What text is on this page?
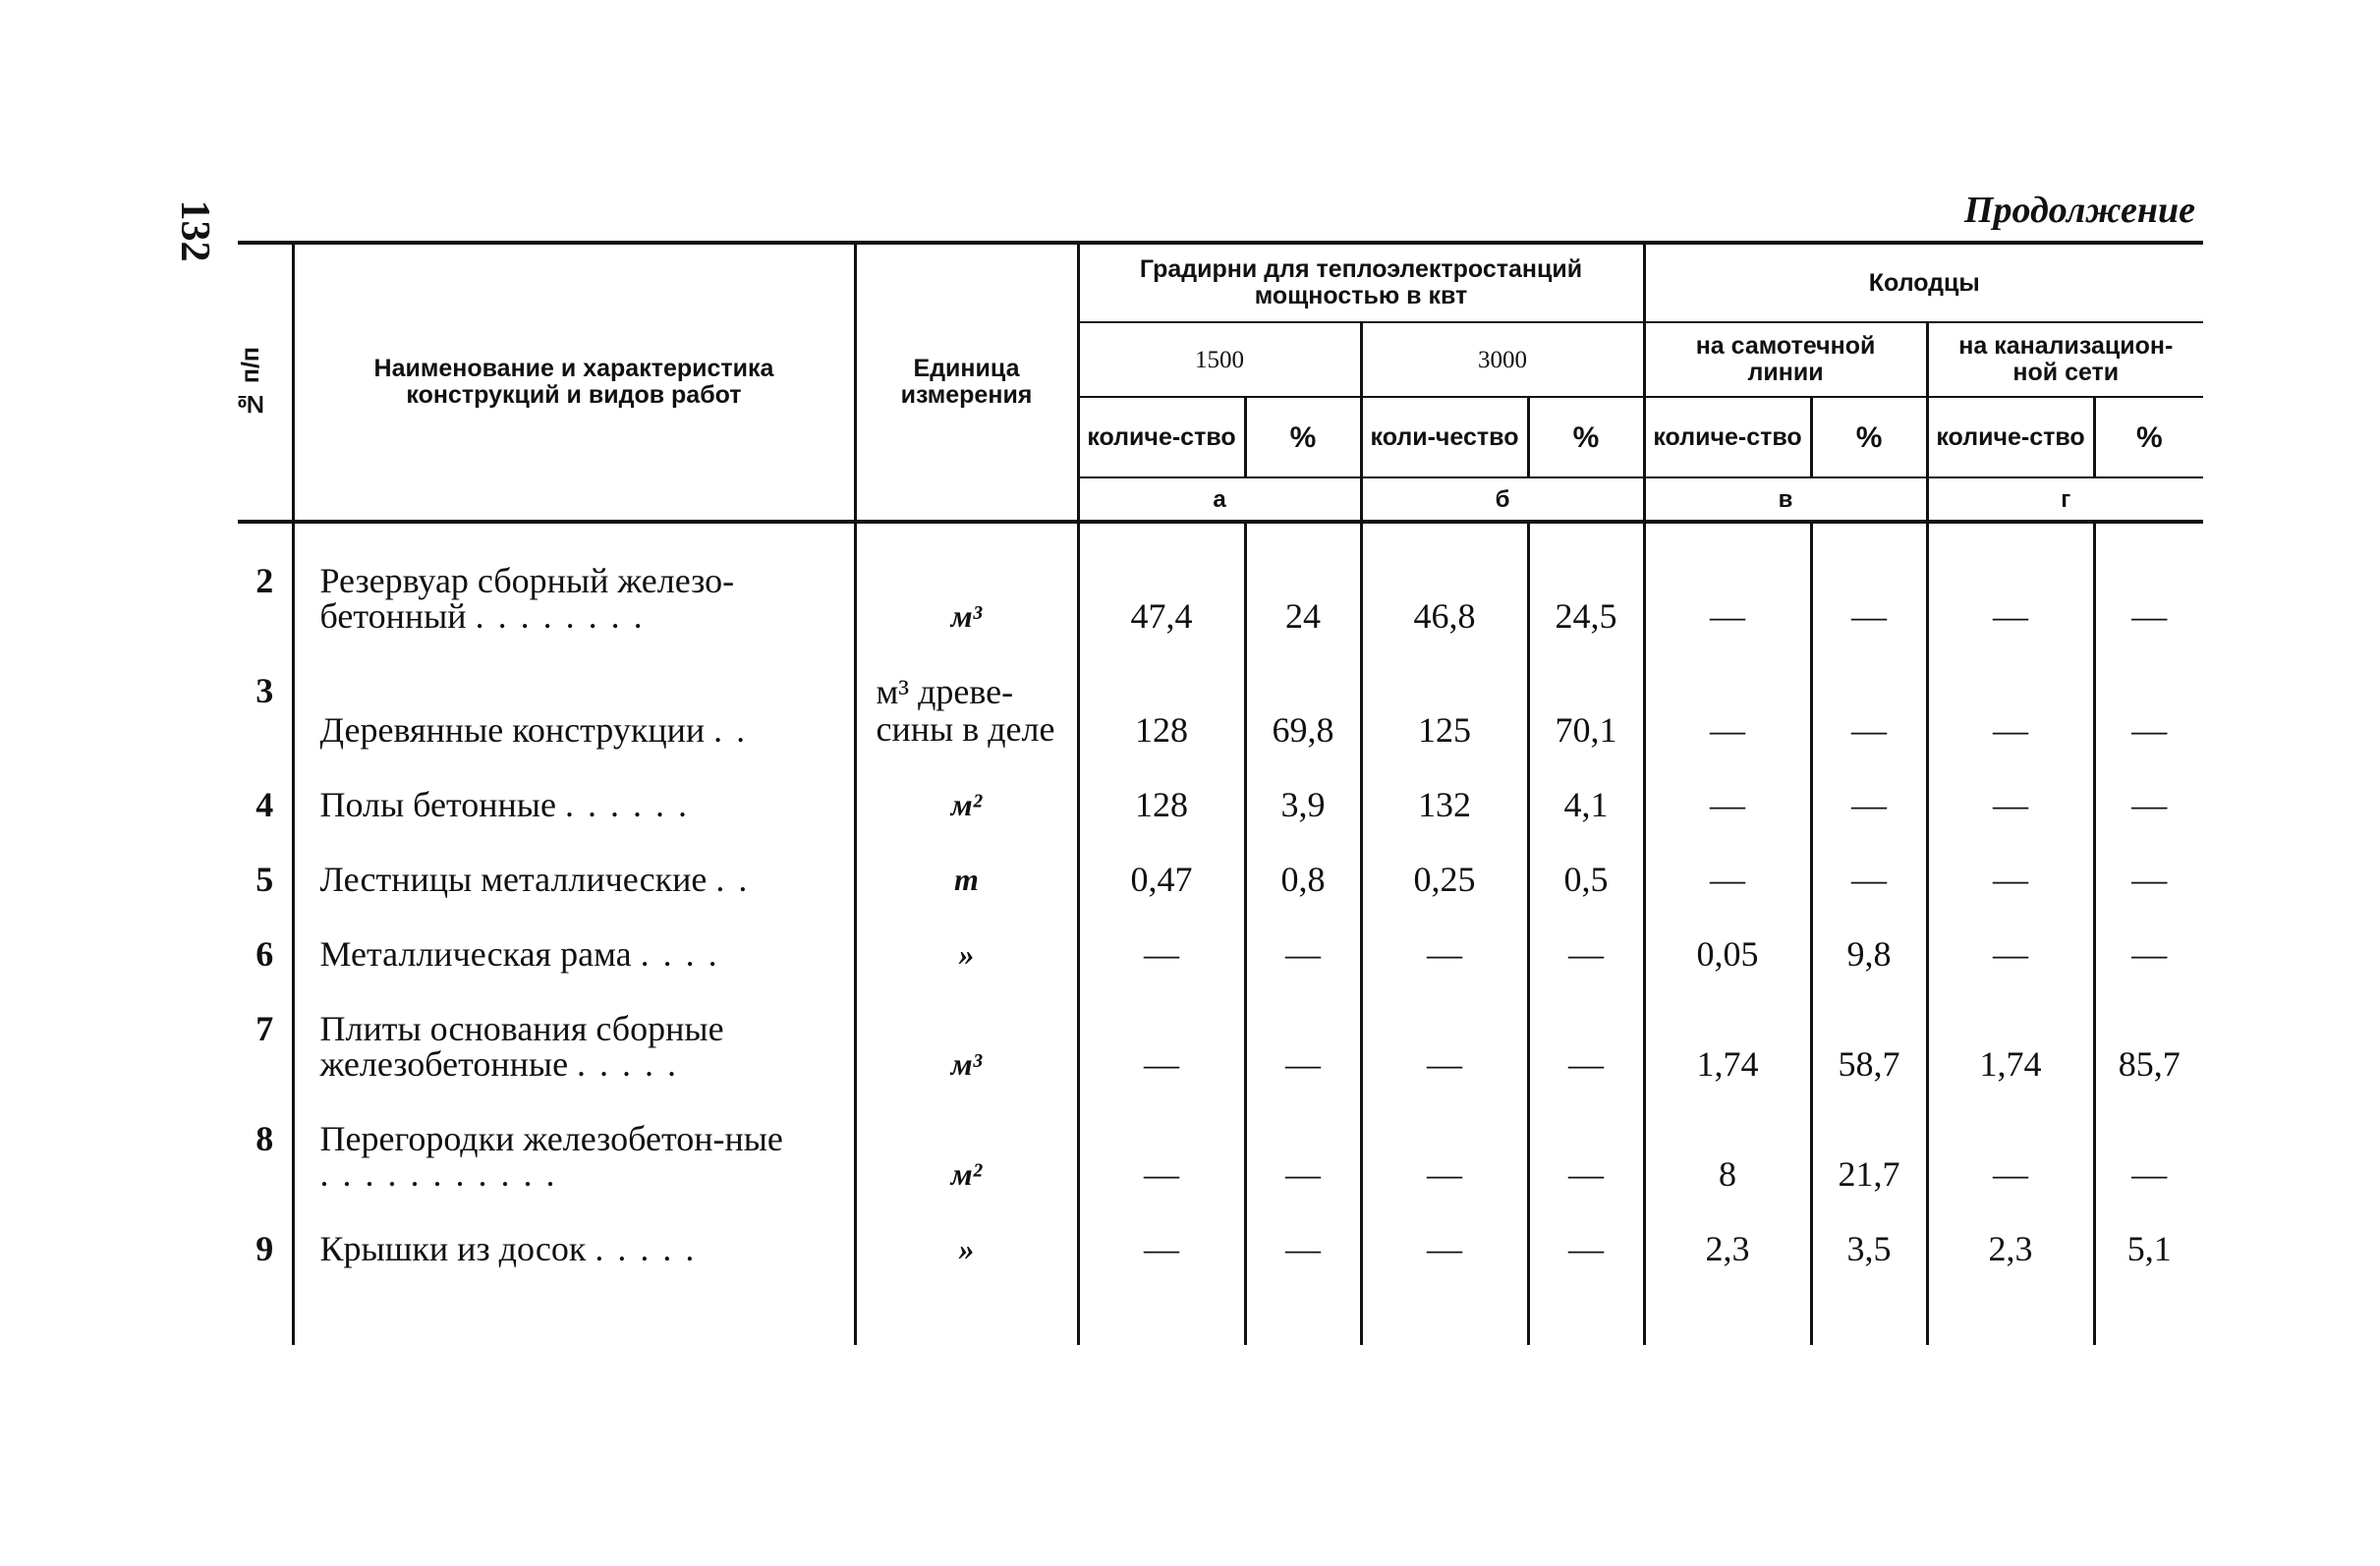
132	Продолжение
№ п/п	Наименование и характеристика конструкций и видов работ	Единица измерения	Градирни для теплоэлектростанций мощностью в квт				Колодцы			
			1500		3000		на самотечной линии		на канализацион-ной сети	
			количе-ство	%	коли-чество	%	количе-ство	%	количе-ство	%
			а		б		в		г	

2	Резервуар сборный железо-бетонный ........	м³	47,4	24	46,8	24,5	—	—	—	—

3	Деревянные конструкции ..	м³ древе-сины в деле	128	69,8	125	70,1	—	—	—	—

4	Полы бетонные ......	м²	128	3,9	132	4,1	—	—	—	—

5	Лестницы металлические ..	т	0,47	0,8	0,25	0,5	—	—	—	—

6	Металлическая рама ....	»	—	—	—	—	0,05	9,8	—	—

7	Плиты основания сборные железобетонные .....	м³	—	—	—	—	1,74	58,7	1,74	85,7

8	Перегородки железобетон-ные ...........	м²	—	—	—	—	8	21,7	—	—

9	Крышки из досок .....	»	—	—	—	—	2,3	3,5	2,3	5,1
